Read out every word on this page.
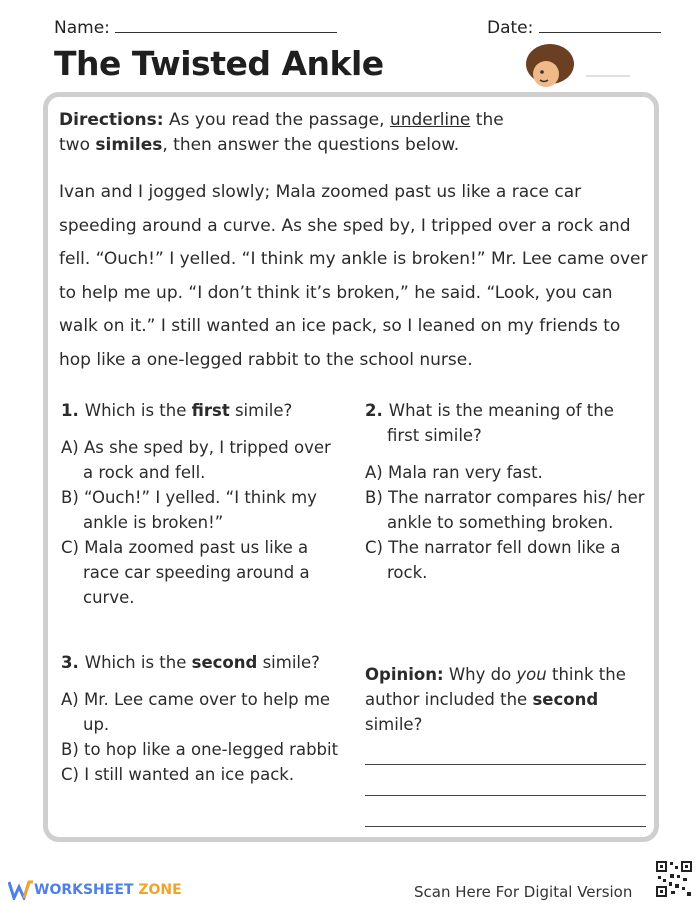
Name:	Date:
The Twisted Ankle
Directions: As you read the passage, underline the two similes, then answer the questions below.
Ivan and I jogged slowly; Mala zoomed past us like a race car speeding around a curve. As she sped by, I tripped over a rock and fell. “Ouch!” I yelled. “I think my ankle is broken!” Mr. Lee came over to help me up. “I don’t think it’s broken,” he said. “Look, you can walk on it.” I still wanted an ice pack, so I leaned on my friends to hop like a one-legged rabbit to the school nurse.
1. Which is the first simile?
A) As she sped by, I tripped over a rock and fell.
B) “Ouch!” I yelled. “I think my ankle is broken!”
C) Mala zoomed past us like a race car speeding around a curve.
2. What is the meaning of the first simile?
A) Mala ran very fast.
B) The narrator compares his/ her ankle to something broken.
C) The narrator fell down like a rock.
3. Which is the second simile?
A) Mr. Lee came over to help me up.
B) to hop like a one-legged rabbit
C) I still wanted an ice pack.
Opinion: Why do you think the author included the second simile?
WORKSHEET ZONE	Scan Here For Digital Version
